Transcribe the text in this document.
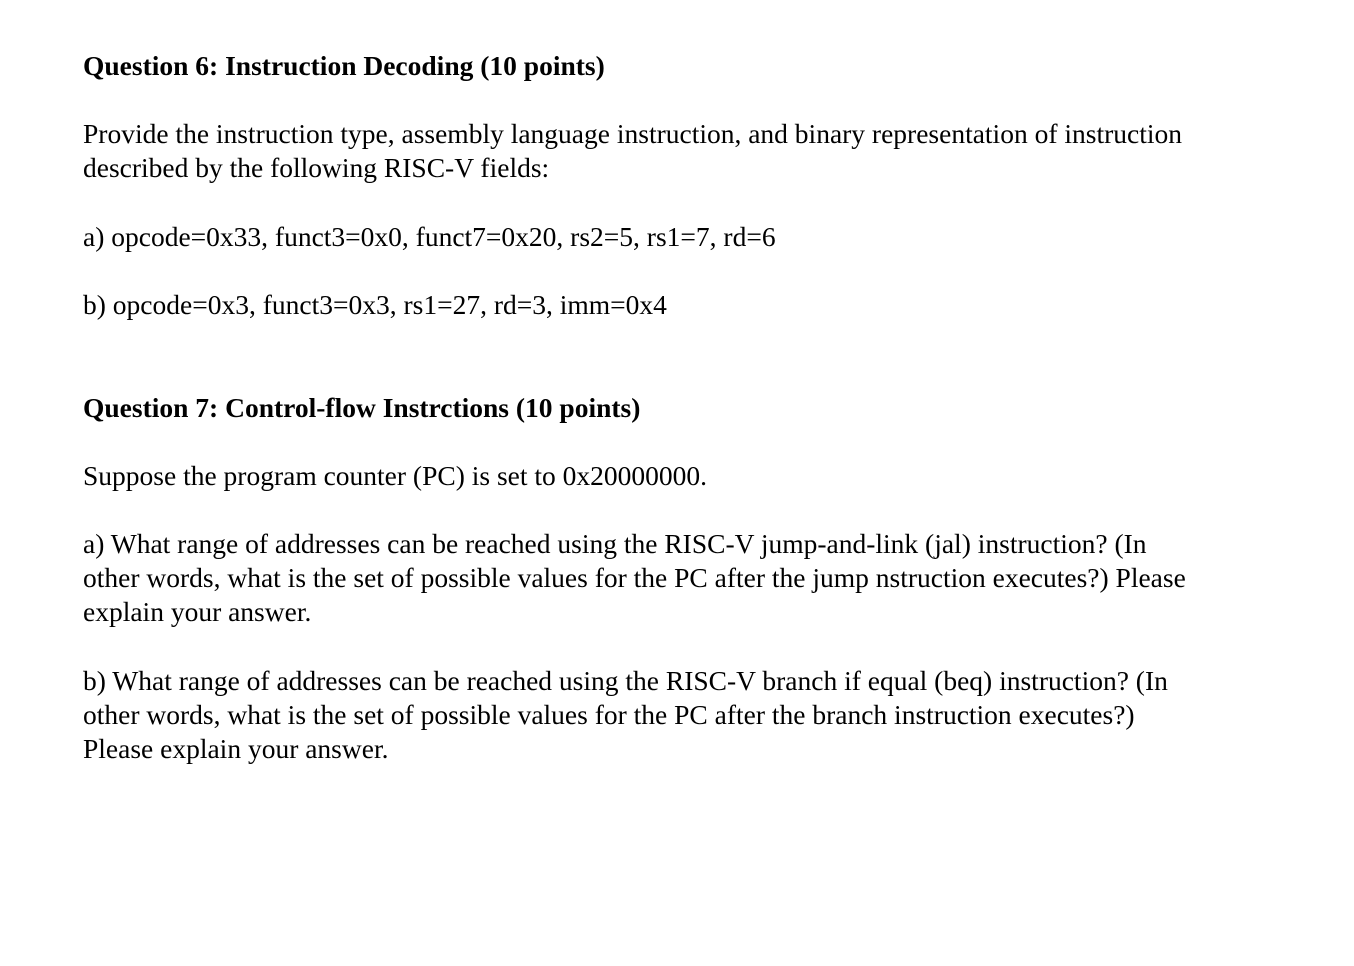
Question 6: Instruction Decoding (10 points)
Provide the instruction type, assembly language instruction, and binary representation of instruction
described by the following RISC-V fields:
a) opcode=0x33, funct3=0x0, funct7=0x20, rs2=5, rs1=7, rd=6
b) opcode=0x3, funct3=0x3, rs1=27, rd=3, imm=0x4
Question 7: Control-flow Instrctions (10 points)
Suppose the program counter (PC) is set to 0x20000000.
a) What range of addresses can be reached using the RISC-V jump-and-link (jal) instruction? (In
other words, what is the set of possible values for the PC after the jump nstruction executes?) Please
explain your answer.
b) What range of addresses can be reached using the RISC-V branch if equal (beq) instruction? (In
other words, what is the set of possible values for the PC after the branch instruction executes?)
Please explain your answer.
